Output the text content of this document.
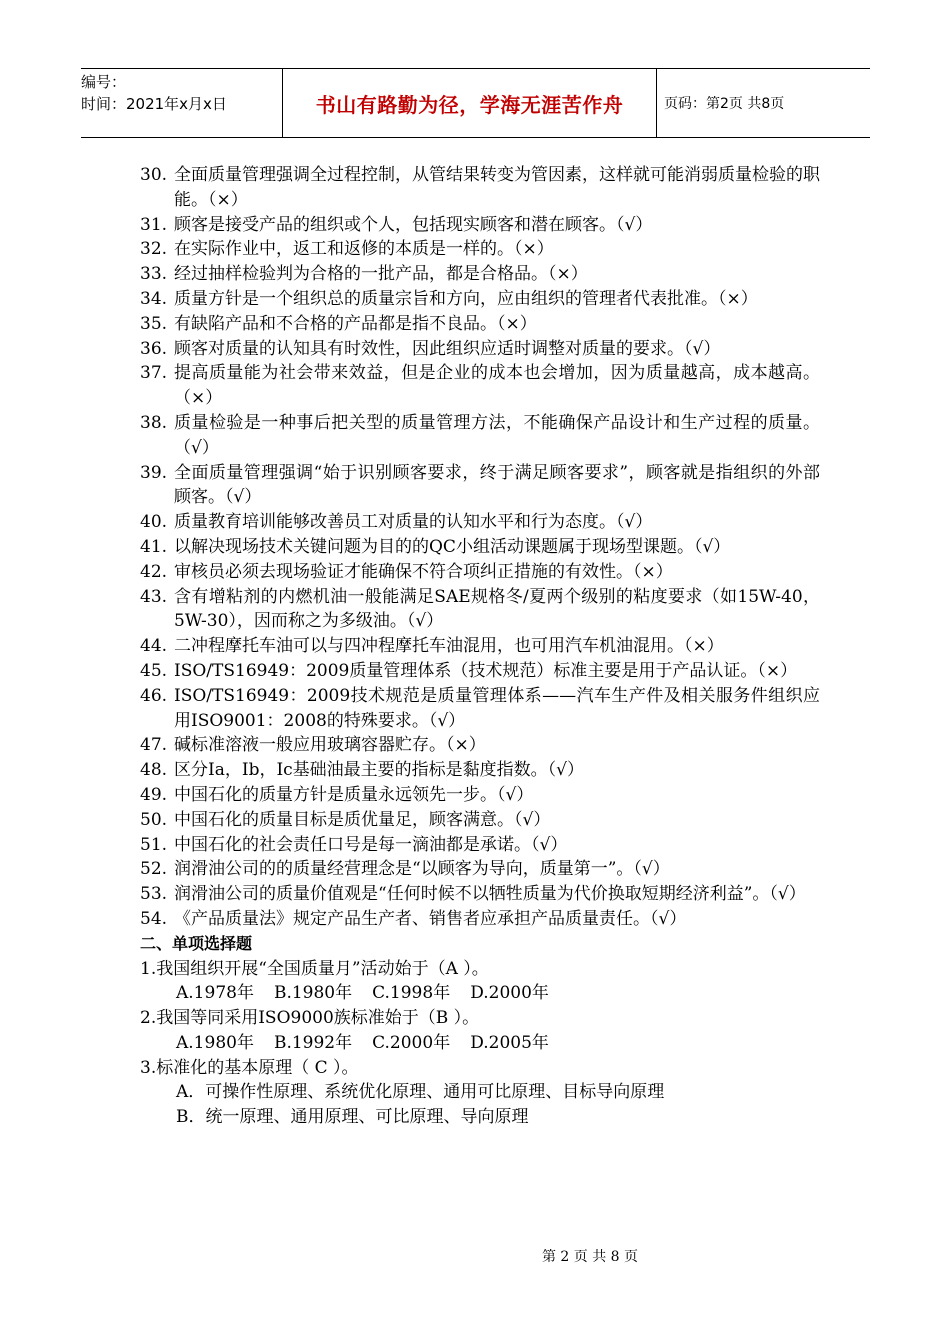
编号：
时间：2021年x月x日	书山有路勤为径，学海无涯苦作舟	页码：第2页 共8页
30. 全面质量管理强调全过程控制，从管结果转变为管因素，这样就可能消弱质量检验的职能。（×）
31. 顾客是接受产品的组织或个人，包括现实顾客和潜在顾客。（√）
32. 在实际作业中，返工和返修的本质是一样的。（×）
33. 经过抽样检验判为合格的一批产品，都是合格品。（×）
34. 质量方针是一个组织总的质量宗旨和方向，应由组织的管理者代表批准。（×）
35. 有缺陷产品和不合格的产品都是指不良品。（×）
36. 顾客对质量的认知具有时效性，因此组织应适时调整对质量的要求。（√）
37. 提高质量能为社会带来效益，但是企业的成本也会增加，因为质量越高，成本越高。（×）
38. 质量检验是一种事后把关型的质量管理方法，不能确保产品设计和生产过程的质量。（√）
39. 全面质量管理强调“始于识别顾客要求，终于满足顾客要求”，顾客就是指组织的外部顾客。（√）
40. 质量教育培训能够改善员工对质量的认知水平和行为态度。（√）
41. 以解决现场技术关键问题为目的的QC小组活动课题属于现场型课题。（√）
42. 审核员必须去现场验证才能确保不符合项纠正措施的有效性。（×）
43. 含有增粘剂的内燃机油一般能满足SAE规格冬/夏两个级别的粘度要求（如15W-40，5W-30），因而称之为多级油。（√）
44. 二冲程摩托车油可以与四冲程摩托车油混用，也可用汽车机油混用。（×）
45. ISO/TS16949：2009质量管理体系（技术规范）标准主要是用于产品认证。（×）
46. ISO/TS16949：2009技术规范是质量管理体系——汽车生产件及相关服务件组织应用ISO9001：2008的特殊要求。（√）
47. 碱标准溶液一般应用玻璃容器贮存。（×）
48. 区分Ia，Ib，Ic基础油最主要的指标是黏度指数。（√）
49. 中国石化的质量方针是质量永远领先一步。（√）
50. 中国石化的质量目标是质优量足，顾客满意。（√）
51. 中国石化的社会责任口号是每一滴油都是承诺。（√）
52. 润滑油公司的的质量经营理念是“以顾客为导向，质量第一”。（√）
53. 润滑油公司的质量价值观是“任何时候不以牺牲质量为代价换取短期经济利益”。（√）
54. 《产品质量法》规定产品生产者、销售者应承担产品质量责任。（√）
二、单项选择题
1.我国组织开展“全国质量月”活动始于（A ）。
A.1978年 B.1980年 C.1998年 D.2000年
2.我国等同采用ISO9000族标准始于（B ）。
A.1980年 B.1992年 C.2000年 D.2005年
3.标准化的基本原理（ C ）。
A．可操作性原理、系统优化原理、通用可比原理、目标导向原理
B．统一原理、通用原理、可比原理、导向原理
第 2 页 共 8 页
